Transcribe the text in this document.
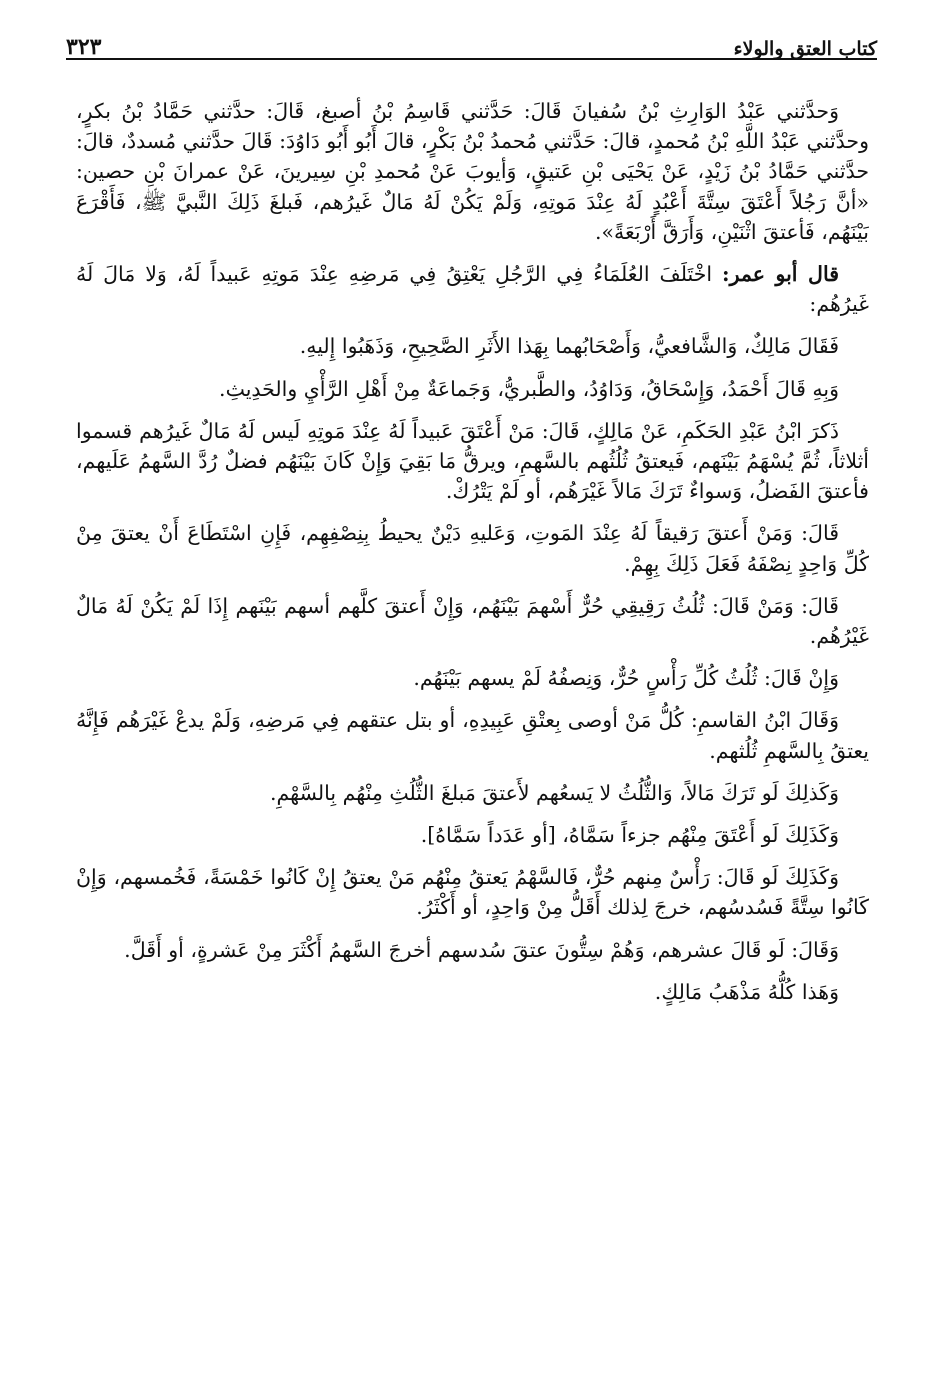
كتاب العتق والولاء
٣٢٣

وَحدَّثني عَبْدُ الوَارِثِ بْنُ سُفيانَ قَالَ: حَدَّثني قَاسِمُ بْنُ أصبغ، قَالَ: حدَّثني حَمَّادُ بْنُ بكرٍ، وحدَّثني عَبْدُ اللَّهِ بْنُ مُحمدٍ، قالَ: حَدَّثني مُحمدُ بْنُ بَكْرٍ، قالَ أَبُو أَبُو دَاوُدَ: قَالَ حدَّثني مُسددٌ، قالَ: حدَّثني حَمَّادُ بْنُ زَيْدٍ، عَنْ يَحْيَى بْنِ عَتيقٍ، وَأيوبَ عَنْ مُحمدِ بْنِ سِيرينَ، عَنْ عمرانَ بْنِ حصين: «أنَّ رَجُلاً أَعْتَقَ سِتَّةَ أَعْبُدٍ لَهُ عِنْدَ مَوتِهِ، وَلَمْ يَكُنْ لَهُ مَالٌ غَيرُهم، فَبلغَ ذَلِكَ النَّبيَّ ﷺ، فَأَقْرَعَ بَيْنَهُم، فَأعتقَ اثْنَيْنِ، وَأَرَقَّ أَرْبَعَةً».

قال أبو عمر: اخْتَلَفَ العُلَمَاءُ فِي الرَّجُلِ يَعْتِقُ فِي مَرضِهِ عِنْدَ مَوتِهِ عَبيداً لَهُ، وَلا مَالَ لَهُ غَيرُهُم:

فَقَالَ مَالِكٌ، وَالشَّافعيُّ، وَأَصْحَابُهما بِهَذا الأَثَرِ الصَّحِيحِ، وَذَهَبُوا إِليهِ.

وَبِهِ قَالَ أَحْمَدُ، وَإِسْحَاقُ، وَدَاوُدُ، والطَّبريُّ، وَجَماعَةٌ مِنْ أَهْلِ الرَّأْيِ والحَدِيثِ.

ذَكرَ ابْنُ عَبْدِ الحَكَمِ، عَنْ مَالِكٍ، قَالَ: مَنْ أَعْتَقَ عَبيداً لَهُ عِنْدَ مَوتِهِ لَيس لَهُ مَالٌ غَيرُهم قسموا أثلاثاً، ثُمَّ يُسْهَمُ بَيْنَهم، فَيعتقُ ثُلُثُهم بالسَّهمِ، ويرقُّ مَا بَقِيَ وَإِنْ كَانَ بَيْنَهُم فضلٌ رُدَّ السَّهمُ عَلَيهم، فأعتقَ الفَضلُ، وَسواءٌ تَرَكَ مَالاً غَيْرَهُم، أو لَمْ يَتْرُكْ.

قَالَ: وَمَنْ أَعتقَ رَقيقاً لَهُ عِنْدَ المَوتِ، وَعَليهِ دَيْنٌ يحيطُ بِنِصْفِهِم، فَإِنِ اسْتَطَاعَ أَنْ يعتقَ مِنْ كُلِّ وَاحِدٍ نِصْفَهُ فَعَلَ ذَلِكَ بِهِمْ.

قَالَ: وَمَنْ قَالَ: ثُلُثُ رَقِيقِي حُرٌّ أَسْهمَ بَيْنَهُم، وَإِنْ أَعتقَ كلَّهم أسهم بَيْنَهم إِذَا لَمْ يَكُنْ لَهُ مَالٌ غَيْرُهُم.

وَإِنْ قَالَ: ثُلُثُ كُلِّ رَأْسٍ حُرٌّ، وَنِصفُهُ لَمْ يسهم بَيْنَهُم.

وَقَالَ ابْنُ القاسمِ: كُلُّ مَنْ أوصى بِعتْقِ عَبِيدِهِ، أو بتل عتقهم فِي مَرضِهِ، وَلَمْ يدعْ غَيْرَهُم فَإِنَّهُ يعتقُ بِالسَّهمِ ثُلُثهم.

وَكَذلِكَ لَو تَرَكَ مَالاً، وَالثُّلُثُ لا يَسعُهم لأَعتقَ مَبلغَ الثُّلُثِ مِنْهُم بِالسَّهْمِ.

وَكَذَلِكَ لَو أَعْتَقَ مِنْهُم جزءاً سَمَّاهُ، [أو عَدَداً سَمَّاهُ].

وَكَذَلِكَ لَو قَالَ: رَأْسٌ مِنهم حُرٌّ، فَالسَّهْمُ يَعتقُ مِنْهُم مَنْ يعتقُ إِنْ كَانُوا خَمْسَةً، فَخُمسهم، وَإِنْ كَانُوا سِتَّةً فَسُدسُهم، خرجَ لِذلك أَقَلُّ مِنْ وَاحِدٍ، أو أَكْثَرُ.

وَقَالَ: لَو قَالَ عشرهم، وَهُمْ سِتُّونَ عتقَ سُدسهم أخرجَ السَّهمُ أَكْثَرَ مِنْ عَشرةٍ، أو أَقَلَّ.

وَهَذا كُلُّهُ مَذْهَبُ مَالِكٍ.
